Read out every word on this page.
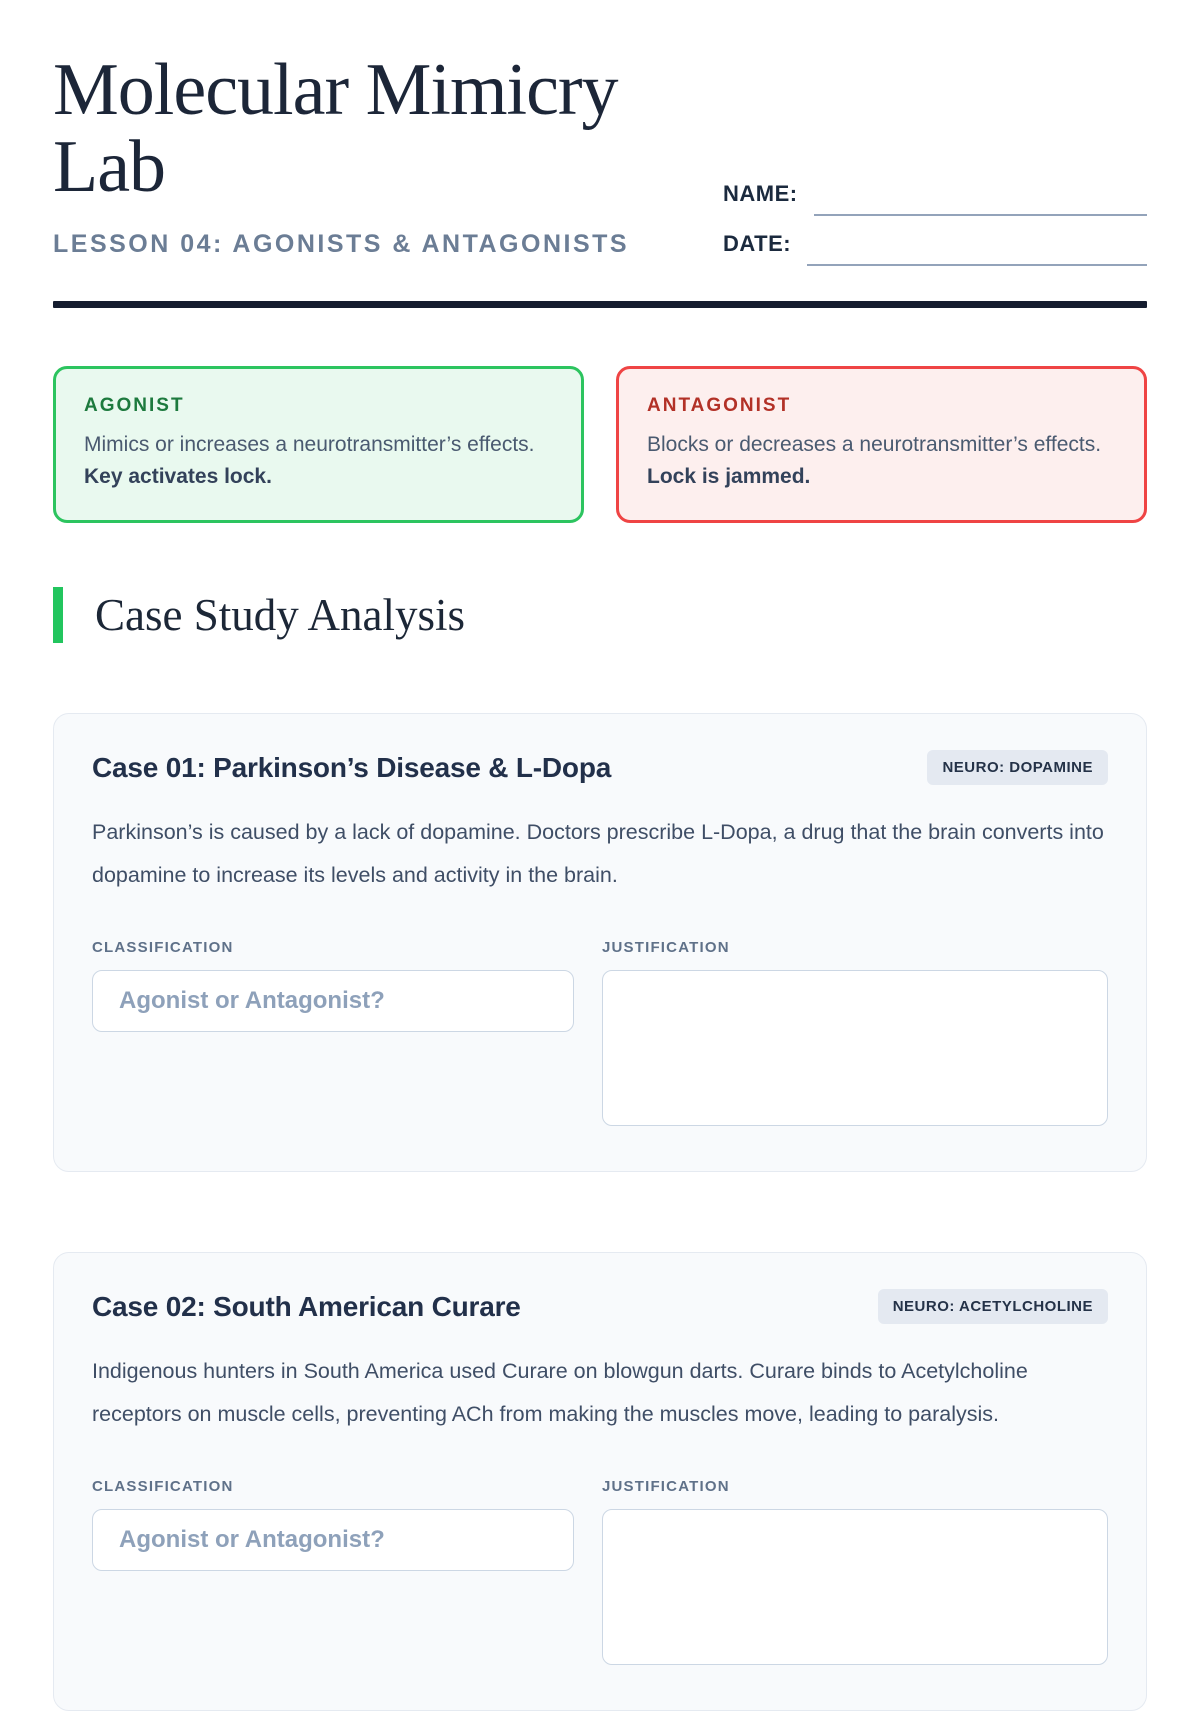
Molecular Mimicry
Lab
LESSON 04: AGONISTS & ANTAGONISTS
NAME:
DATE:
AGONIST
Mimics or increases a neurotransmitter’s effects. Key activates lock.
ANTAGONIST
Blocks or decreases a neurotransmitter’s effects. Lock is jammed.
Case Study Analysis
Case 01: Parkinson’s Disease & L-Dopa	NEURO: DOPAMINE

Parkinson’s is caused by a lack of dopamine. Doctors prescribe L-Dopa, a drug that the brain converts into dopamine to increase its levels and activity in the brain.

CLASSIFICATION
Agonist or Antagonist?	JUSTIFICATION
Case 02: South American Curare	NEURO: ACETYLCHOLINE

Indigenous hunters in South America used Curare on blowgun darts. Curare binds to Acetylcholine receptors on muscle cells, preventing ACh from making the muscles move, leading to paralysis.

CLASSIFICATION
Agonist or Antagonist?	JUSTIFICATION
